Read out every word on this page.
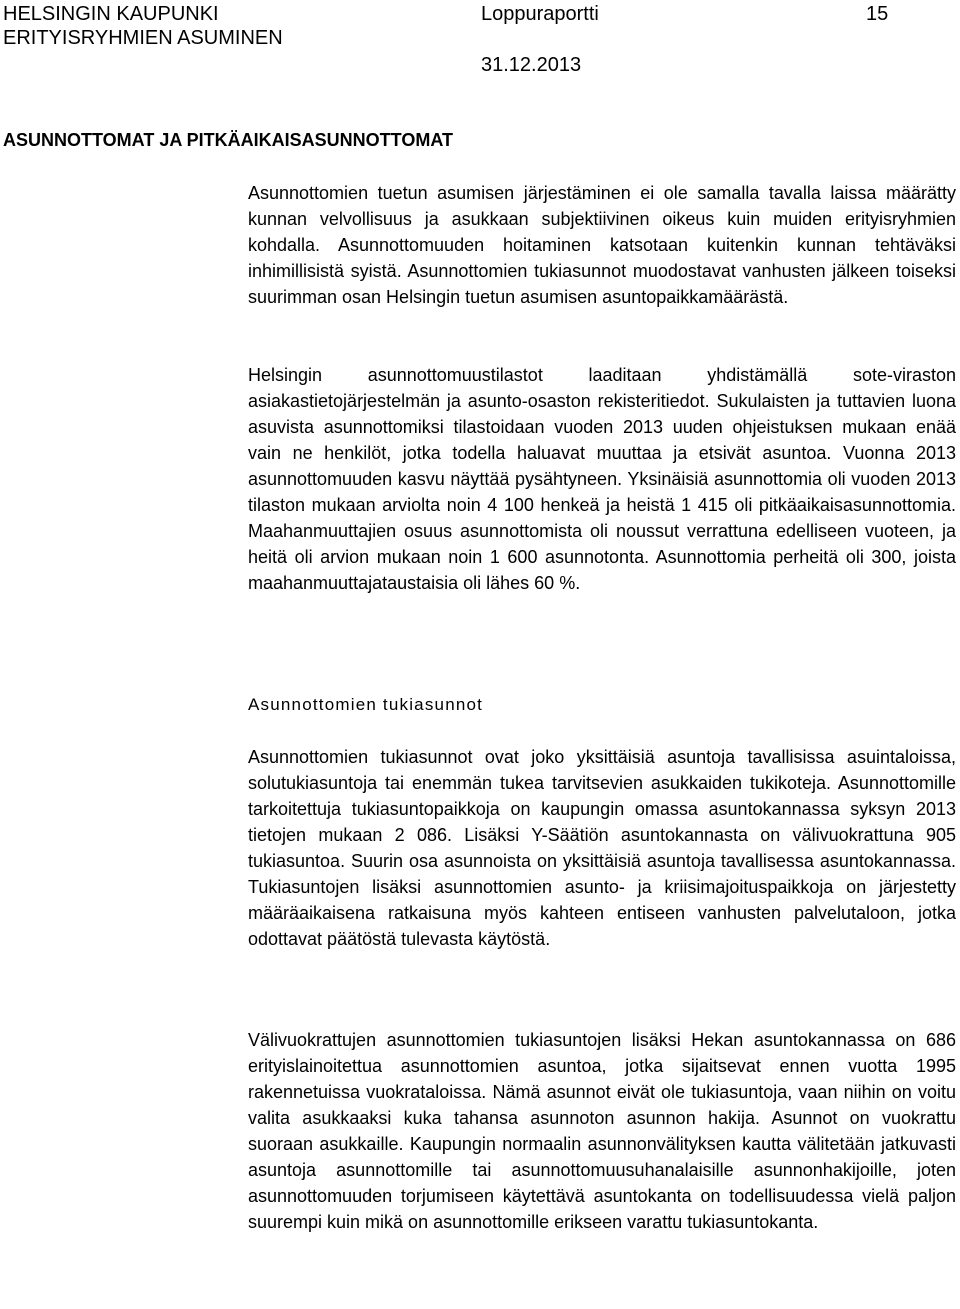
HELSINGIN KAUPUNKI
ERITYISRYHMIEN ASUMINEN
Loppuraportti	15
31.12.2013
ASUNNOTTOMAT JA PITKÄAIKAISASUNNOTTOMAT

Asunnottomien tuetun asumisen järjestäminen ei ole samalla tavalla laissa määrätty kunnan velvollisuus ja asukkaan subjektiivinen oikeus kuin muiden erityisryhmien kohdalla. Asunnottomuuden hoitaminen katsotaan kuitenkin kunnan tehtäväksi inhimillisistä syistä. Asunnottomien tukiasunnot muodostavat vanhusten jälkeen toiseksi suurimman osan Helsingin tuetun asumisen asuntopaikkamäärästä.

Helsingin asunnottomuustilastot laaditaan yhdistämällä sote-viraston asiakastietojärjestelmän ja asunto-osaston rekisteritiedot. Sukulaisten ja tuttavien luona asuvista asunnottomiksi tilastoidaan vuoden 2013 uuden ohjeistuksen mukaan enää vain ne henkilöt, jotka todella haluavat muuttaa ja etsivät asuntoa. Vuonna 2013 asunnottomuuden kasvu näyttää pysähtyneen. Yksinäisiä asunnottomia oli vuoden 2013 tilaston mukaan arviolta noin 4 100 henkeä ja heistä 1 415 oli pitkäaikaisasunnottomia. Maahanmuuttajien osuus asunnottomista oli noussut verrattuna edelliseen vuoteen, ja heitä oli arvion mukaan noin 1 600 asunnotonta. Asunnottomia perheitä oli 300, joista maahanmuuttajataustaisia oli lähes 60 %.

Asunnottomien tukiasunnot

Asunnottomien tukiasunnot ovat joko yksittäisiä asuntoja tavallisissa asuintaloissa, solutukiasuntoja tai enemmän tukea tarvitsevien asukkaiden tukikoteja. Asunnottomille tarkoitettuja tukiasuntopaikkoja on kaupungin omassa asuntokannassa syksyn 2013 tietojen mukaan 2 086. Lisäksi Y-Säätiön asuntokannasta on välivuokrattuna 905 tukiasuntoa. Suurin osa asunnoista on yksittäisiä asuntoja tavallisessa asuntokannassa. Tukiasuntojen lisäksi asunnottomien asunto- ja kriisimajoituspaikkoja on järjestetty määräaikaisena ratkaisuna myös kahteen entiseen vanhusten palvelutaloon, jotka odottavat päätöstä tulevasta käytöstä.

Välivuokrattujen asunnottomien tukiasuntojen lisäksi Hekan asuntokannassa on 686 erityislainoitettua asunnottomien asuntoa, jotka sijaitsevat ennen vuotta 1995 rakennetuissa vuokrataloissa. Nämä asunnot eivät ole tukiasuntoja, vaan niihin on voitu valita asukkaaksi kuka tahansa asunnoton asunnon hakija. Asunnot on vuokrattu suoraan asukkaille. Kaupungin normaalin asunnonvälityksen kautta välitetään jatkuvasti asuntoja asunnottomille tai asunnottomuusuhanalaisille asunnonhakijoille, joten asunnottomuuden torjumiseen käytettävä asuntokanta on todellisuudessa vielä paljon suurempi kuin mikä on asunnottomille erikseen varattu tukiasuntokanta.
